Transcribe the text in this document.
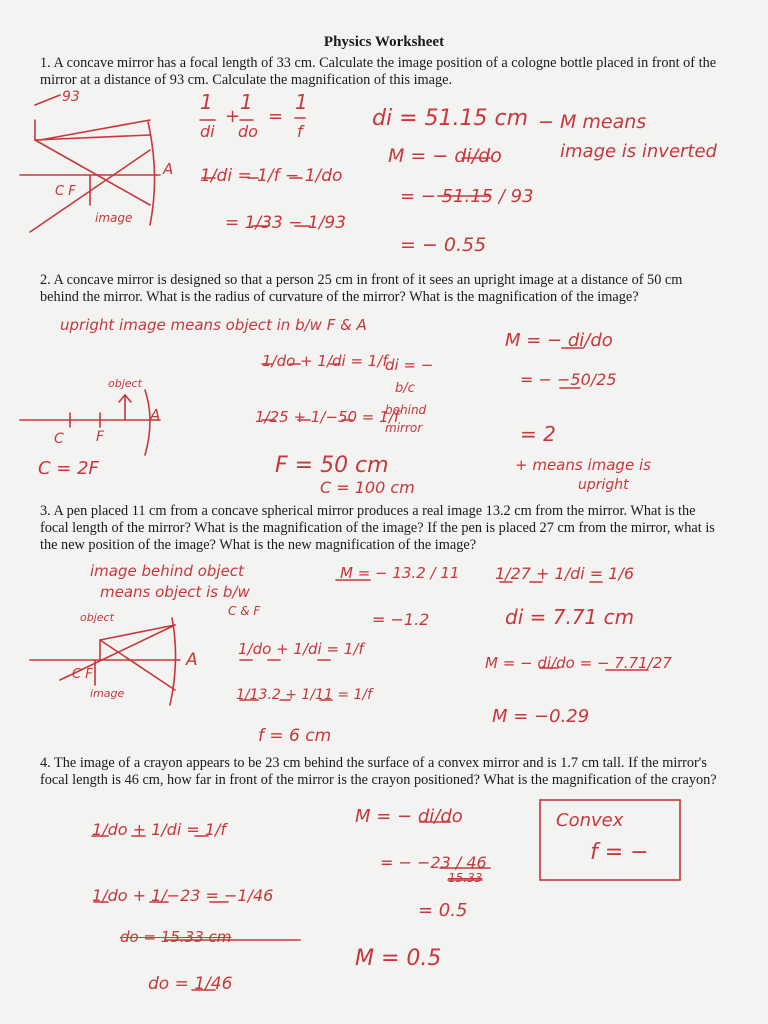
Physics Worksheet

1. A concave mirror has a focal length of 33 cm. Calculate the image position of a cologne bottle placed in front of the mirror at a distance of 93 cm. Calculate the magnification of this image.

2. A concave mirror is designed so that a person 25 cm in front of it sees an upright image at a distance of 50 cm behind the mirror. What is the radius of curvature of the mirror? What is the magnification of the image?

3. A pen placed 11 cm from a concave spherical mirror produces a real image 13.2 cm from the mirror. What is the focal length of the mirror? What is the magnification of the image? If the pen is placed 27 cm from the mirror, what is the new position of the image? What is the new magnification of the image?

4. The image of a crayon appears to be 23 cm behind the surface of a convex mirror and is 1.7 cm tall. If the mirror's focal length is 46 cm, how far in front of the mirror is the crayon positioned? What is the magnification of the crayon?

93
C F
A
image
1
di
+
1
do
=
1
f
1/di = 1/f − 1/do
= 1/33 − 1/93
di = 51.15 cm
M = − di/do
= − 51.15 / 93
= − 0.55
− M means
image is inverted
upright image means object in b/w F & A
object
A
C F
C = 2F
1/do + 1/di = 1/f
1/25 + 1/−50 = 1/f
di = −
b/c
behind
mirror
F = 50 cm
C = 100 cm
M = − di/do
= − −50/25
= 2
+ means image is
upright
image behind object
means object is b/w
C & F
object
A
C F
image
1/do + 1/di = 1/f
1/13.2 + 1/11 = 1/f
f = 6 cm
M = − 13.2 / 11
= −1.2
1/27 + 1/di = 1/6
di = 7.71 cm
M = − di/do = − 7.71/27
M = −0.29
1/do + 1/di = 1/f
1/do + 1/−23 = −1/46
do = 15.33 cm
do = 1/46
M = − di/do
= − −23 / 46
15.33
= 0.5
M = 0.5
Convex
f = −
